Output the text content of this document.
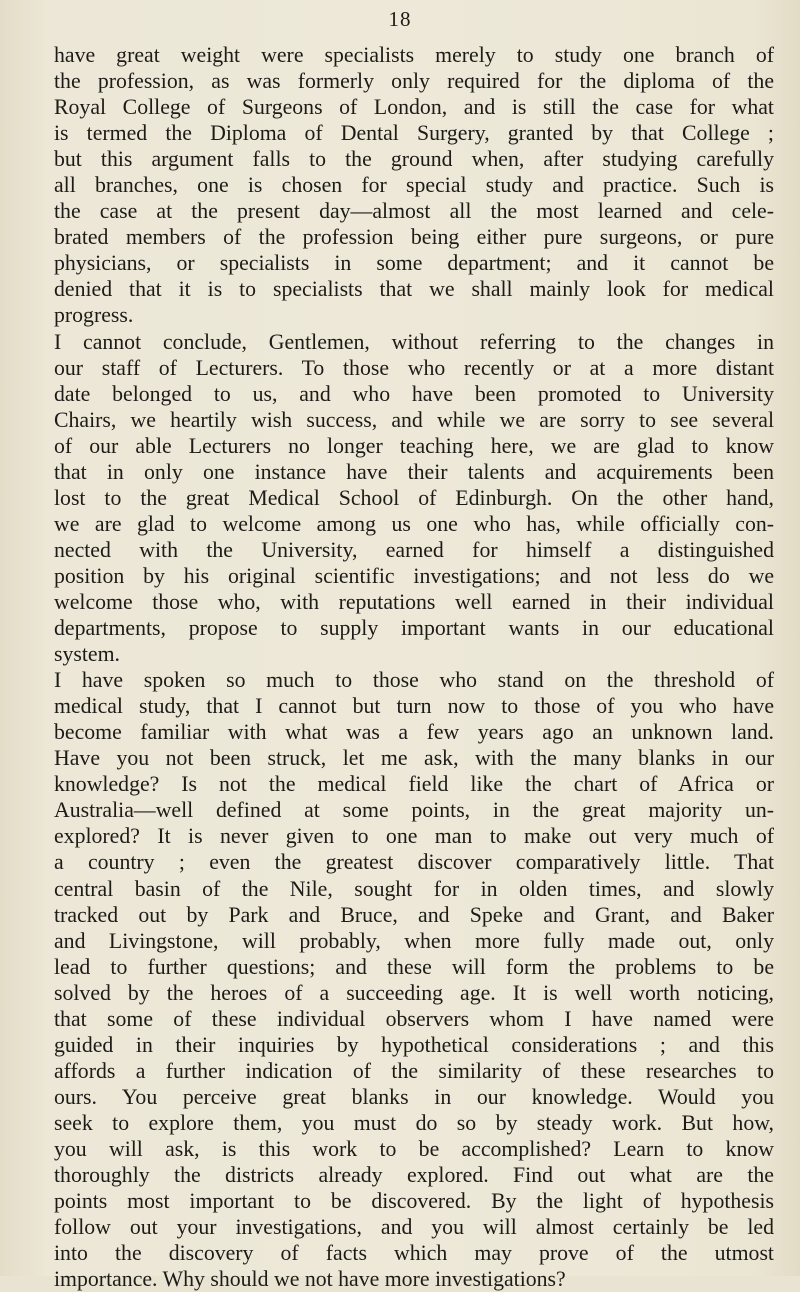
18
have great weight were specialists merely to study one branch of
the profession, as was formerly only required for the diploma of the
Royal College of Surgeons of London, and is still the case for what
is termed the Diploma of Dental Surgery, granted by that College ;
but this argument falls to the ground when, after studying carefully
all branches, one is chosen for special study and practice. Such is
the case at the present day—almost all the most learned and cele-
brated members of the profession being either pure surgeons, or pure
physicians, or specialists in some department; and it cannot be
denied that it is to specialists that we shall mainly look for medical
progress.
I cannot conclude, Gentlemen, without referring to the changes in
our staff of Lecturers. To those who recently or at a more distant
date belonged to us, and who have been promoted to University
Chairs, we heartily wish success, and while we are sorry to see several
of our able Lecturers no longer teaching here, we are glad to know
that in only one instance have their talents and acquirements been
lost to the great Medical School of Edinburgh. On the other hand,
we are glad to welcome among us one who has, while officially con-
nected with the University, earned for himself a distinguished
position by his original scientific investigations; and not less do we
welcome those who, with reputations well earned in their individual
departments, propose to supply important wants in our educational
system.
I have spoken so much to those who stand on the threshold of
medical study, that I cannot but turn now to those of you who have
become familiar with what was a few years ago an unknown land.
Have you not been struck, let me ask, with the many blanks in our
knowledge? Is not the medical field like the chart of Africa or
Australia—well defined at some points, in the great majority un-
explored? It is never given to one man to make out very much of
a country ; even the greatest discover comparatively little. That
central basin of the Nile, sought for in olden times, and slowly
tracked out by Park and Bruce, and Speke and Grant, and Baker
and Livingstone, will probably, when more fully made out, only
lead to further questions; and these will form the problems to be
solved by the heroes of a succeeding age. It is well worth noticing,
that some of these individual observers whom I have named were
guided in their inquiries by hypothetical considerations ; and this
affords a further indication of the similarity of these researches to
ours. You perceive great blanks in our knowledge. Would you
seek to explore them, you must do so by steady work. But how,
you will ask, is this work to be accomplished? Learn to know
thoroughly the districts already explored. Find out what are the
points most important to be discovered. By the light of hypothesis
follow out your investigations, and you will almost certainly be led
into the discovery of facts which may prove of the utmost
importance. Why should we not have more investigations?
